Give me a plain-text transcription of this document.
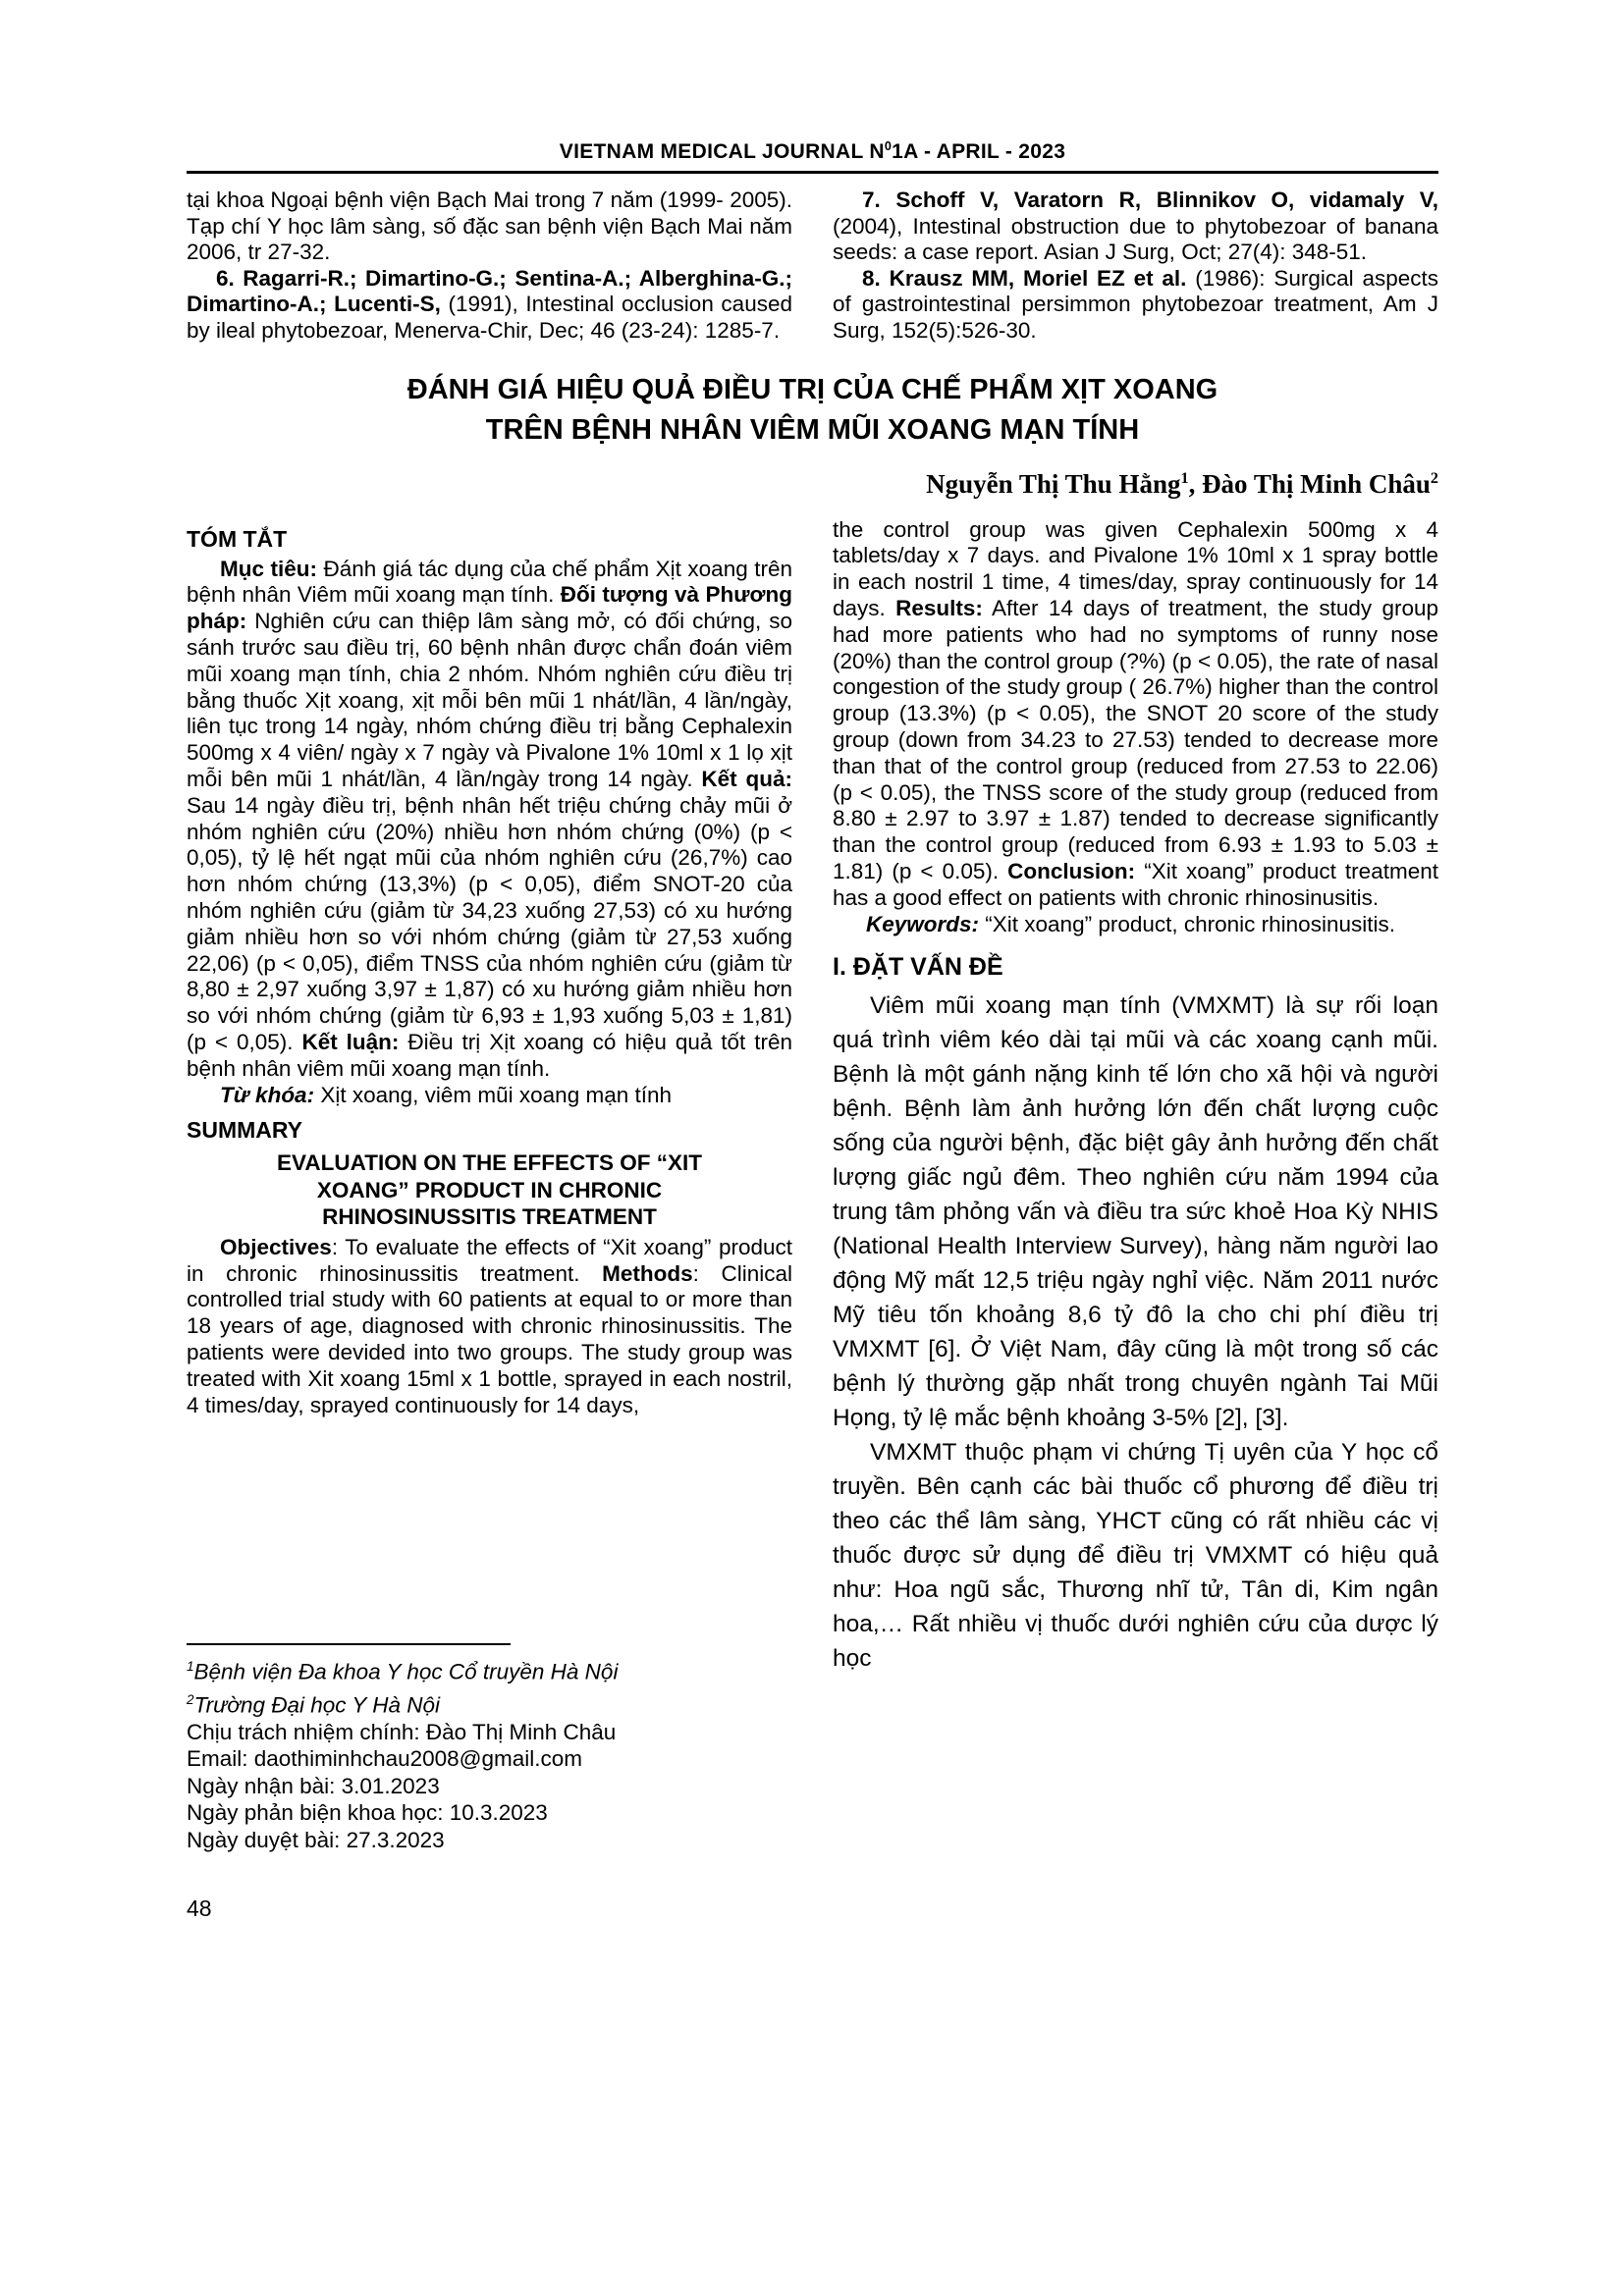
VIETNAM MEDICAL JOURNAL $N^01A$ - APRIL - 2023

tại khoa Ngoại bệnh viện Bạch Mai trong 7 năm (1999- 2005). Tạp chí Y học lâm sàng, số đặc san bệnh viện Bạch Mai năm 2006, tr 27-32.

6. Ragarri-R.; Dimartino-G.; Sentina-A.; Alberghina-G.; Dimartino-A.; Lucenti-S, (1991), Intestinal occlusion caused by ileal phytobezoar, Menerva-Chir, Dec; 46 (23-24): 1285-7.

7. Schoff V, Varatorn R, Blinnikov O, vidamaly V, (2004), Intestinal obstruction due to phytobezoar of banana seeds: a case report. Asian J Surg, Oct; 27(4): 348-51.

8. Krausz MM, Moriel EZ et al. (1986): Surgical aspects of gastrointestinal persimmon phytobezoar treatment, Am J Surg, 152(5):526-30.

ĐÁNH GIÁ HIỆU QUẢ ĐIỀU TRỊ CỦA CHẾ PHẨM XỊT XOANG
TRÊN BỆNH NHÂN VIÊM MŨI XOANG MẠN TÍNH
Nguyễn Thị Thu Hằng$^1$, Đào Thị Minh Châu$^2$
TÓM TẮT

Mục tiêu: Đánh giá tác dụng của chế phẩm Xịt xoang trên bệnh nhân Viêm mũi xoang mạn tính. Đối tượng và Phương pháp: Nghiên cứu can thiệp lâm sàng mở, có đối chứng, so sánh trước sau điều trị, 60 bệnh nhân được chẩn đoán viêm mũi xoang mạn tính, chia 2 nhóm. Nhóm nghiên cứu điều trị bằng thuốc Xịt xoang, xịt mỗi bên mũi 1 nhát/lần, 4 lần/ngày, liên tục trong 14 ngày, nhóm chứng điều trị bằng Cephalexin 500mg x 4 viên/ ngày x 7 ngày và Pivalone 1% 10ml x 1 lọ xịt mỗi bên mũi 1 nhát/lần, 4 lần/ngày trong 14 ngày. Kết quả: Sau 14 ngày điều trị, bệnh nhân hết triệu chứng chảy mũi ở nhóm nghiên cứu (20%) nhiều hơn nhóm chứng (0%) (p < 0,05), tỷ lệ hết ngạt mũi của nhóm nghiên cứu (26,7%) cao hơn nhóm chứng (13,3%) (p < 0,05), điểm SNOT-20 của nhóm nghiên cứu (giảm từ 34,23 xuống 27,53) có xu hướng giảm nhiều hơn so với nhóm chứng (giảm từ 27,53 xuống 22,06) (p < 0,05), điểm TNSS của nhóm nghiên cứu (giảm từ 8,80 ± 2,97 xuống 3,97 ± 1,87) có xu hướng giảm nhiều hơn so với nhóm chứng (giảm từ 6,93 ± 1,93 xuống 5,03 ± 1,81) (p < 0,05). Kết luận: Điều trị Xịt xoang có hiệu quả tốt trên bệnh nhân viêm mũi xoang mạn tính.

Từ khóa: Xịt xoang, viêm mũi xoang mạn tính

SUMMARY
EVALUATION ON THE EFFECTS OF “XIT XOANG” PRODUCT IN CHRONIC RHINOSINUSSITIS TREATMENT

Objectives: To evaluate the effects of “Xit xoang” product in chronic rhinosinussitis treatment. Methods: Clinical controlled trial study with 60 patients at equal to or more than 18 years of age, diagnosed with chronic rhinosinussitis. The patients were devided into two groups. The study group was treated with Xit xoang 15ml x 1 bottle, sprayed in each nostril, 4 times/day, sprayed continuously for 14 days,

$^1$Bệnh viện Đa khoa Y học Cổ truyền Hà Nội

$^2$Trường Đại học Y Hà Nội

Chịu trách nhiệm chính: Đào Thị Minh Châu

Email: daothiminhchau2008@gmail.com

Ngày nhận bài: 3.01.2023

Ngày phản biện khoa học: 10.3.2023

Ngày duyệt bài: 27.3.2023

the control group was given Cephalexin 500mg x 4 tablets/day x 7 days. and Pivalone 1% 10ml x 1 spray bottle in each nostril 1 time, 4 times/day, spray continuously for 14 days. Results: After 14 days of treatment, the study group had more patients who had no symptoms of runny nose (20%) than the control group (?%) (p < 0.05), the rate of nasal congestion of the study group ( 26.7%) higher than the control group (13.3%) (p < 0.05), the SNOT 20 score of the study group (down from 34.23 to 27.53) tended to decrease more than that of the control group (reduced from 27.53 to 22.06) (p < 0.05), the TNSS score of the study group (reduced from 8.80 ± 2.97 to 3.97 ± 1.87) tended to decrease significantly than the control group (reduced from 6.93 ± 1.93 to 5.03 ± 1.81) (p < 0.05). Conclusion: “Xit xoang” product treatment has a good effect on patients with chronic rhinosinusitis.

Keywords: “Xit xoang” product, chronic rhinosinusitis.

I. ĐẶT VẤN ĐỀ

Viêm mũi xoang mạn tính (VMXMT) là sự rối loạn quá trình viêm kéo dài tại mũi và các xoang cạnh mũi. Bệnh là một gánh nặng kinh tế lớn cho xã hội và người bệnh. Bệnh làm ảnh hưởng lớn đến chất lượng cuộc sống của người bệnh, đặc biệt gây ảnh hưởng đến chất lượng giấc ngủ đêm. Theo nghiên cứu năm 1994 của trung tâm phỏng vấn và điều tra sức khoẻ Hoa Kỳ NHIS (National Health Interview Survey), hàng năm người lao động Mỹ mất 12,5 triệu ngày nghỉ việc. Năm 2011 nước Mỹ tiêu tốn khoảng 8,6 tỷ đô la cho chi phí điều trị VMXMT [6]. Ở Việt Nam, đây cũng là một trong số các bệnh lý thường gặp nhất trong chuyên ngành Tai Mũi Họng, tỷ lệ mắc bệnh khoảng 3-5% [2], [3].

VMXMT thuộc phạm vi chứng Tị uyên của Y học cổ truyền. Bên cạnh các bài thuốc cổ phương để điều trị theo các thể lâm sàng, YHCT cũng có rất nhiều các vị thuốc được sử dụng để điều trị VMXMT có hiệu quả như: Hoa ngũ sắc, Thương nhĩ tử, Tân di, Kim ngân hoa,… Rất nhiều vị thuốc dưới nghiên cứu của dược lý học

48
